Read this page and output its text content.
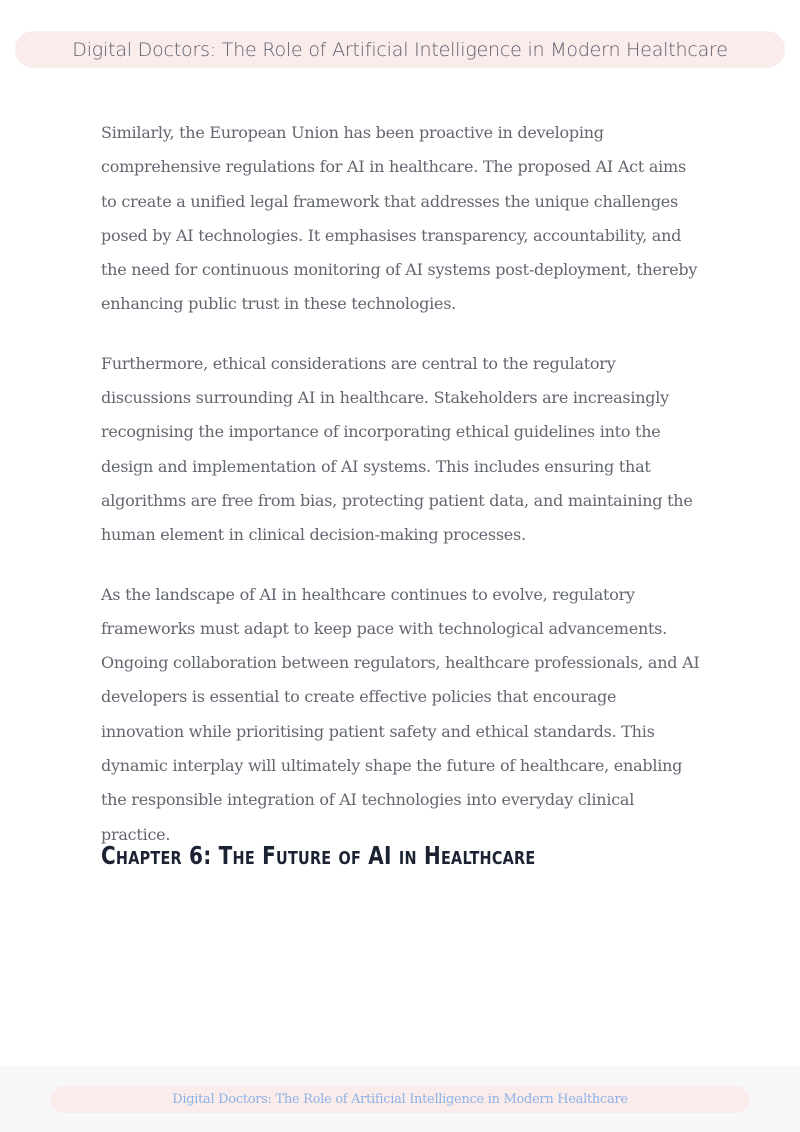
Digital Doctors: The Role of Artificial Intelligence in Modern Healthcare

Similarly, the European Union has been proactive in developing comprehensive regulations for AI in healthcare. The proposed AI Act aims to create a unified legal framework that addresses the unique challenges posed by AI technologies. It emphasises transparency, accountability, and the need for continuous monitoring of AI systems post-deployment, thereby enhancing public trust in these technologies.

Furthermore, ethical considerations are central to the regulatory discussions surrounding AI in healthcare. Stakeholders are increasingly recognising the importance of incorporating ethical guidelines into the design and implementation of AI systems. This includes ensuring that algorithms are free from bias, protecting patient data, and maintaining the human element in clinical decision-making processes.

As the landscape of AI in healthcare continues to evolve, regulatory frameworks must adapt to keep pace with technological advancements. Ongoing collaboration between regulators, healthcare professionals, and AI developers is essential to create effective policies that encourage innovation while prioritising patient safety and ethical standards. This dynamic interplay will ultimately shape the future of healthcare, enabling the responsible integration of AI technologies into everyday clinical practice.

Chapter 6: The Future of AI in Healthcare
Digital Doctors: The Role of Artificial Intelligence in Modern Healthcare
